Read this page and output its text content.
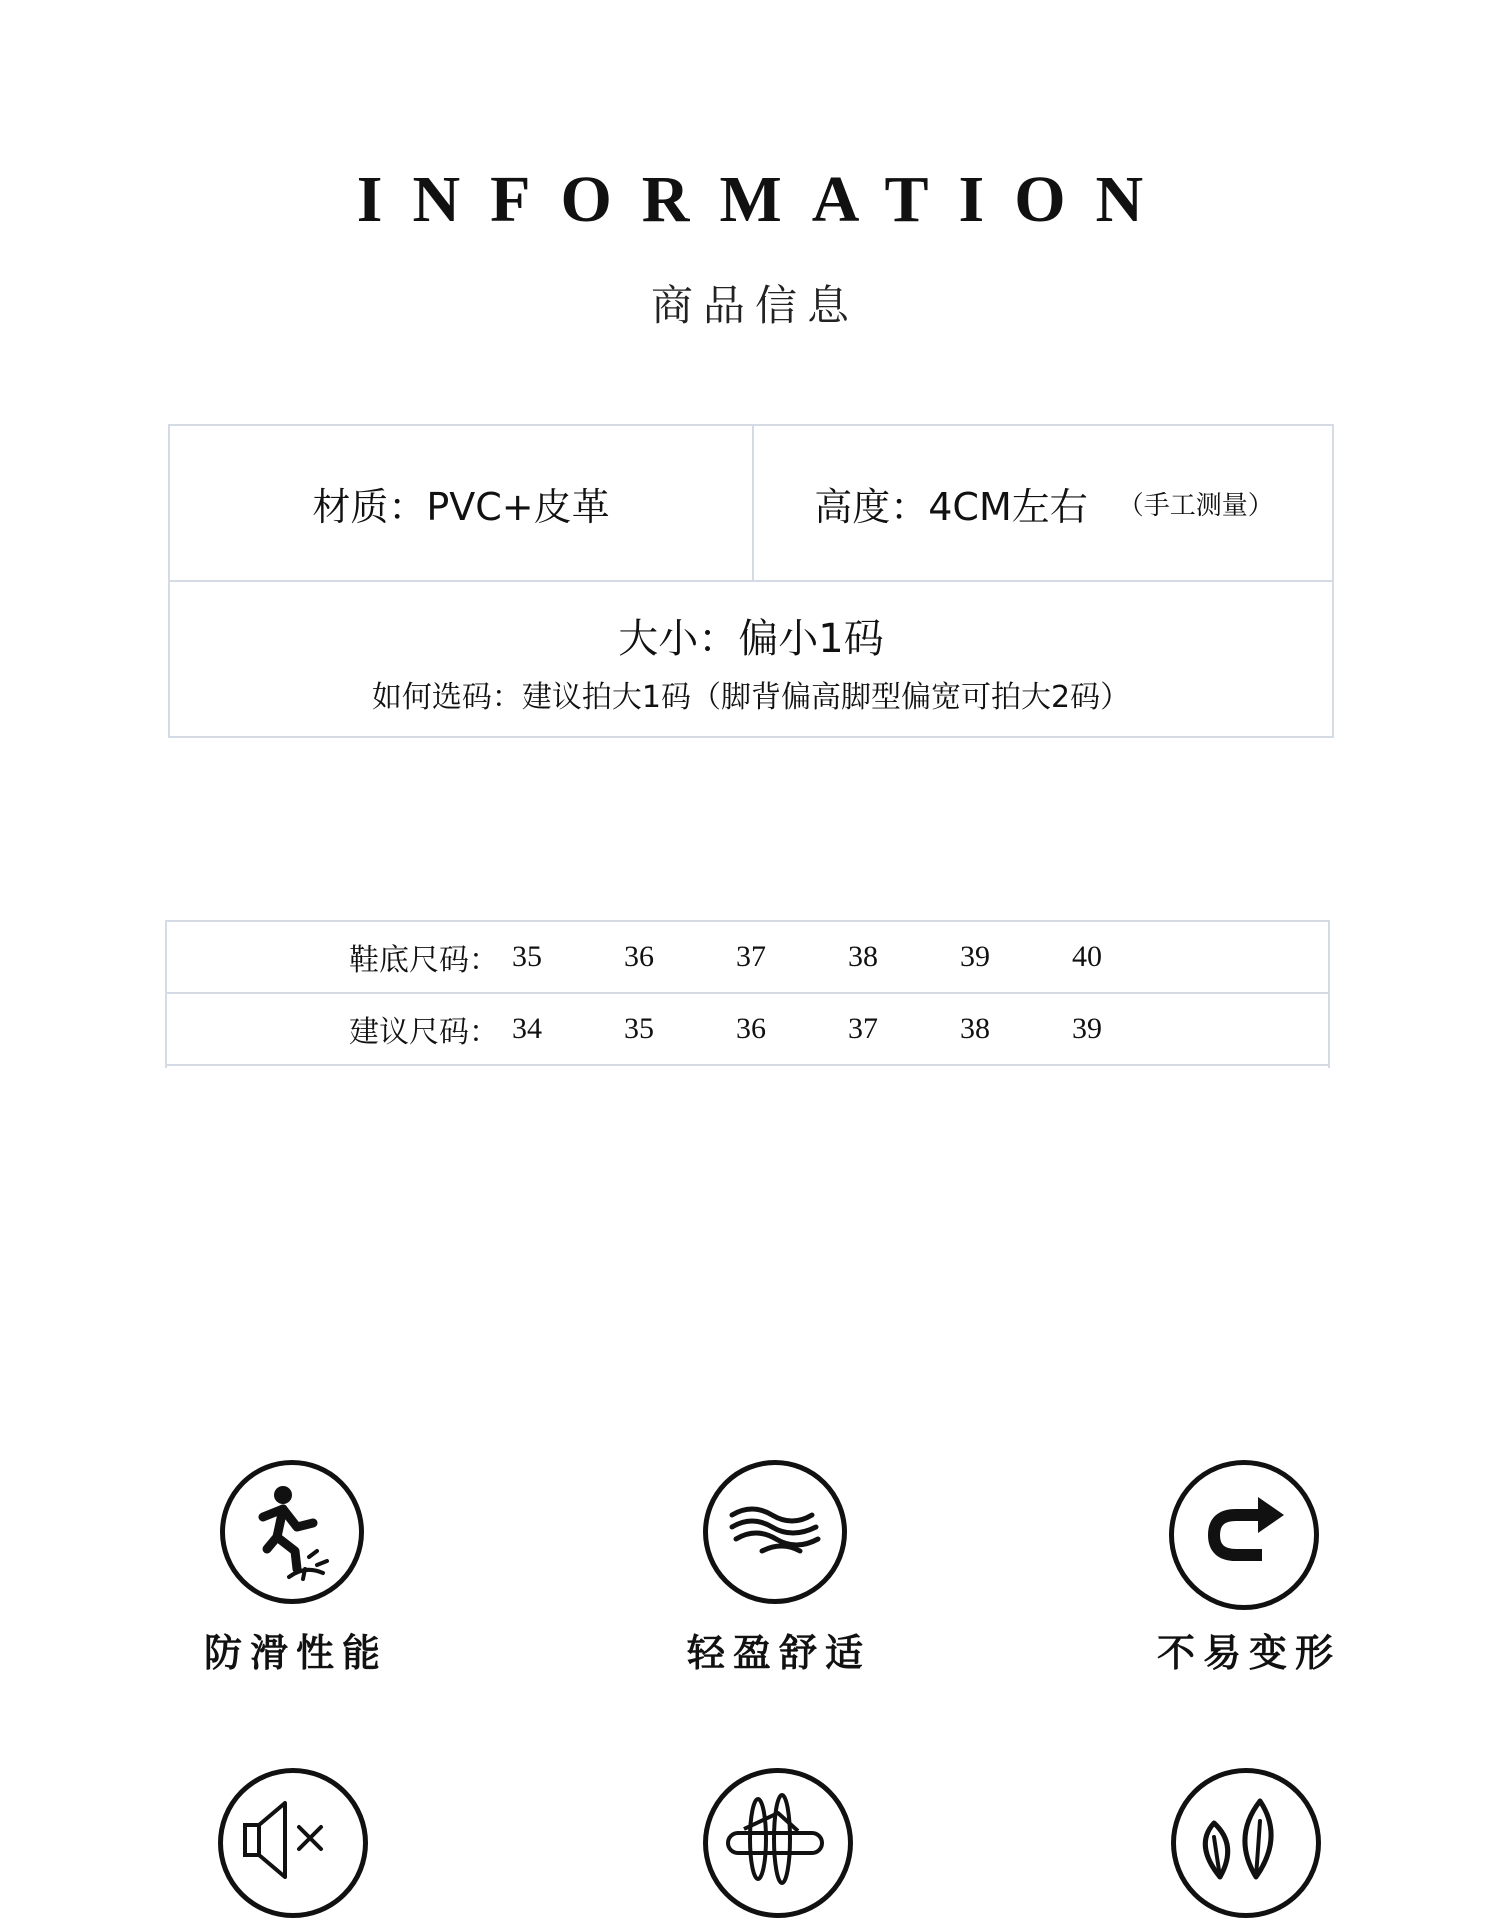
INFORMATION
商品信息
材质：PVC+皮革	高度：4CM左右 （手工测量）
大小：偏小1码
如何选码：建议拍大1码（脚背偏高脚型偏宽可拍大2码）
鞋底尺码： 35	36	37	38	39	40
建议尺码： 34	35	36	37	38	39
防滑性能	轻盈舒适	不易变形
